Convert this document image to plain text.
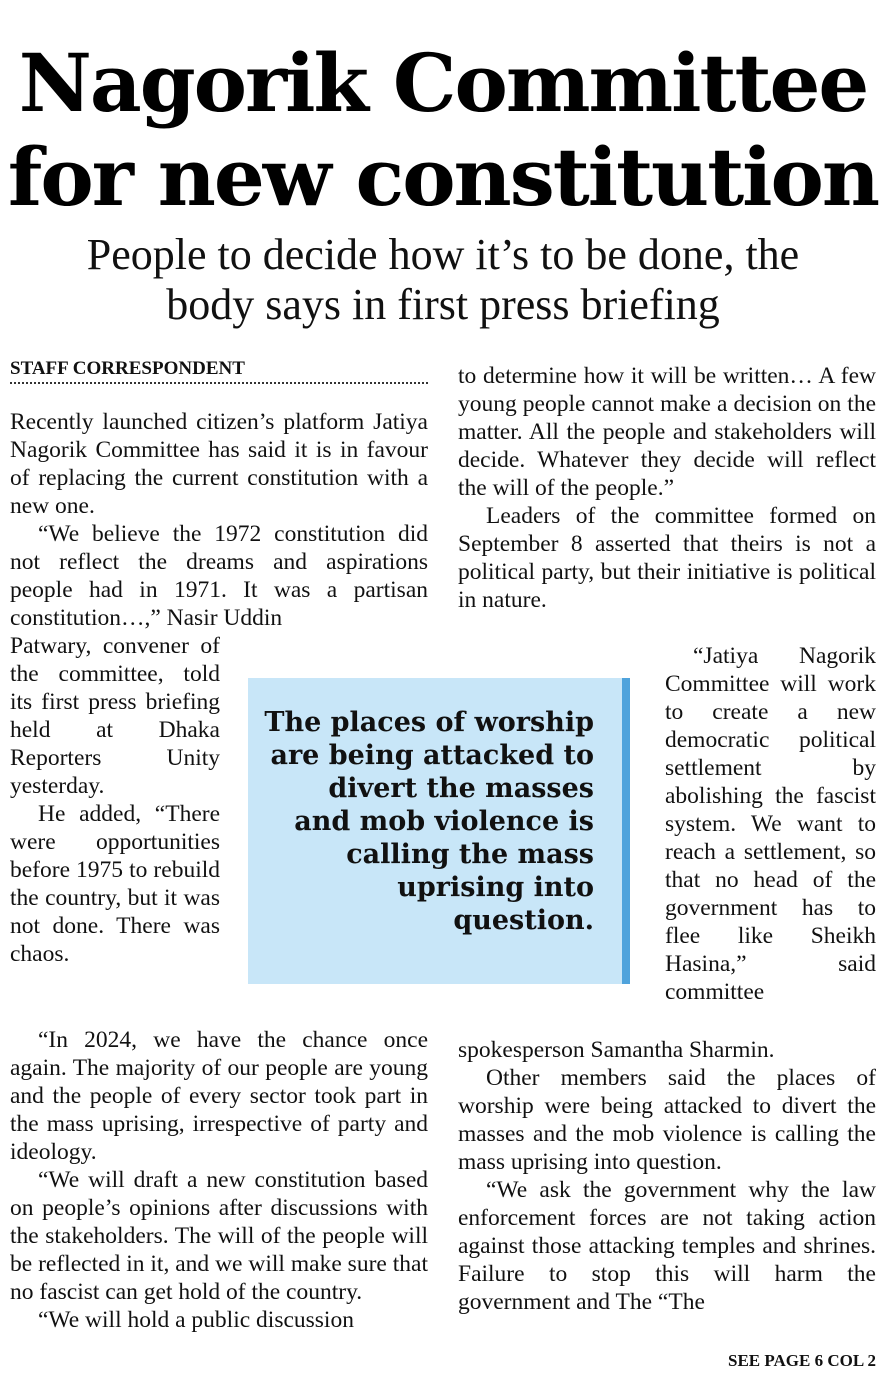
Nagorik Committee
for new constitution
People to decide how it’s to be done, the
body says in first press briefing
STAFF CORRESPONDENT

Recently launched citizen’s platform Jatiya Nagorik Committee has said it is in favour of replacing the current constitution with a new one.

“We believe the 1972 constitution did not reflect the dreams and aspirations people had in 1971. It was a partisan constitution…,” Nasir Uddin

Patwary, convener of the committee, told its first press briefing held at Dhaka Reporters Unity yesterday.

He added, “There were opportunities before 1975 to rebuild the country, but it was not done. There was chaos.

“In 2024, we have the chance once again. The majority of our people are young and the people of every sector took part in the mass uprising, irrespective of party and ideology.

“We will draft a new constitution based on people’s opinions after discussions with the stakeholders. The will of the people will be reflected in it, and we will make sure that no fascist can get hold of the country.

“We will hold a public discussion

The places of worship are being attacked to divert the masses and mob violence is calling the mass uprising into question.

to determine how it will be written… A few young people cannot make a decision on the matter. All the people and stakeholders will decide. Whatever they decide will reflect the will of the people.”

Leaders of the committee formed on September 8 asserted that theirs is not a political party, but their initiative is political in nature.

“Jatiya Nagorik Committee will work to create a new democratic political settlement by abolishing the fascist system. We want to reach a settlement, so that no head of the government has to flee like Sheikh Hasina,” said committee

spokesperson Samantha Sharmin.

Other members said the places of worship were being attacked to divert the masses and the mob violence is calling the mass uprising into question.

“We ask the government why the law enforcement forces are not taking action against those attacking temples and shrines. Failure to stop this will harm the government and The “The

SEE PAGE 6 COL 2
